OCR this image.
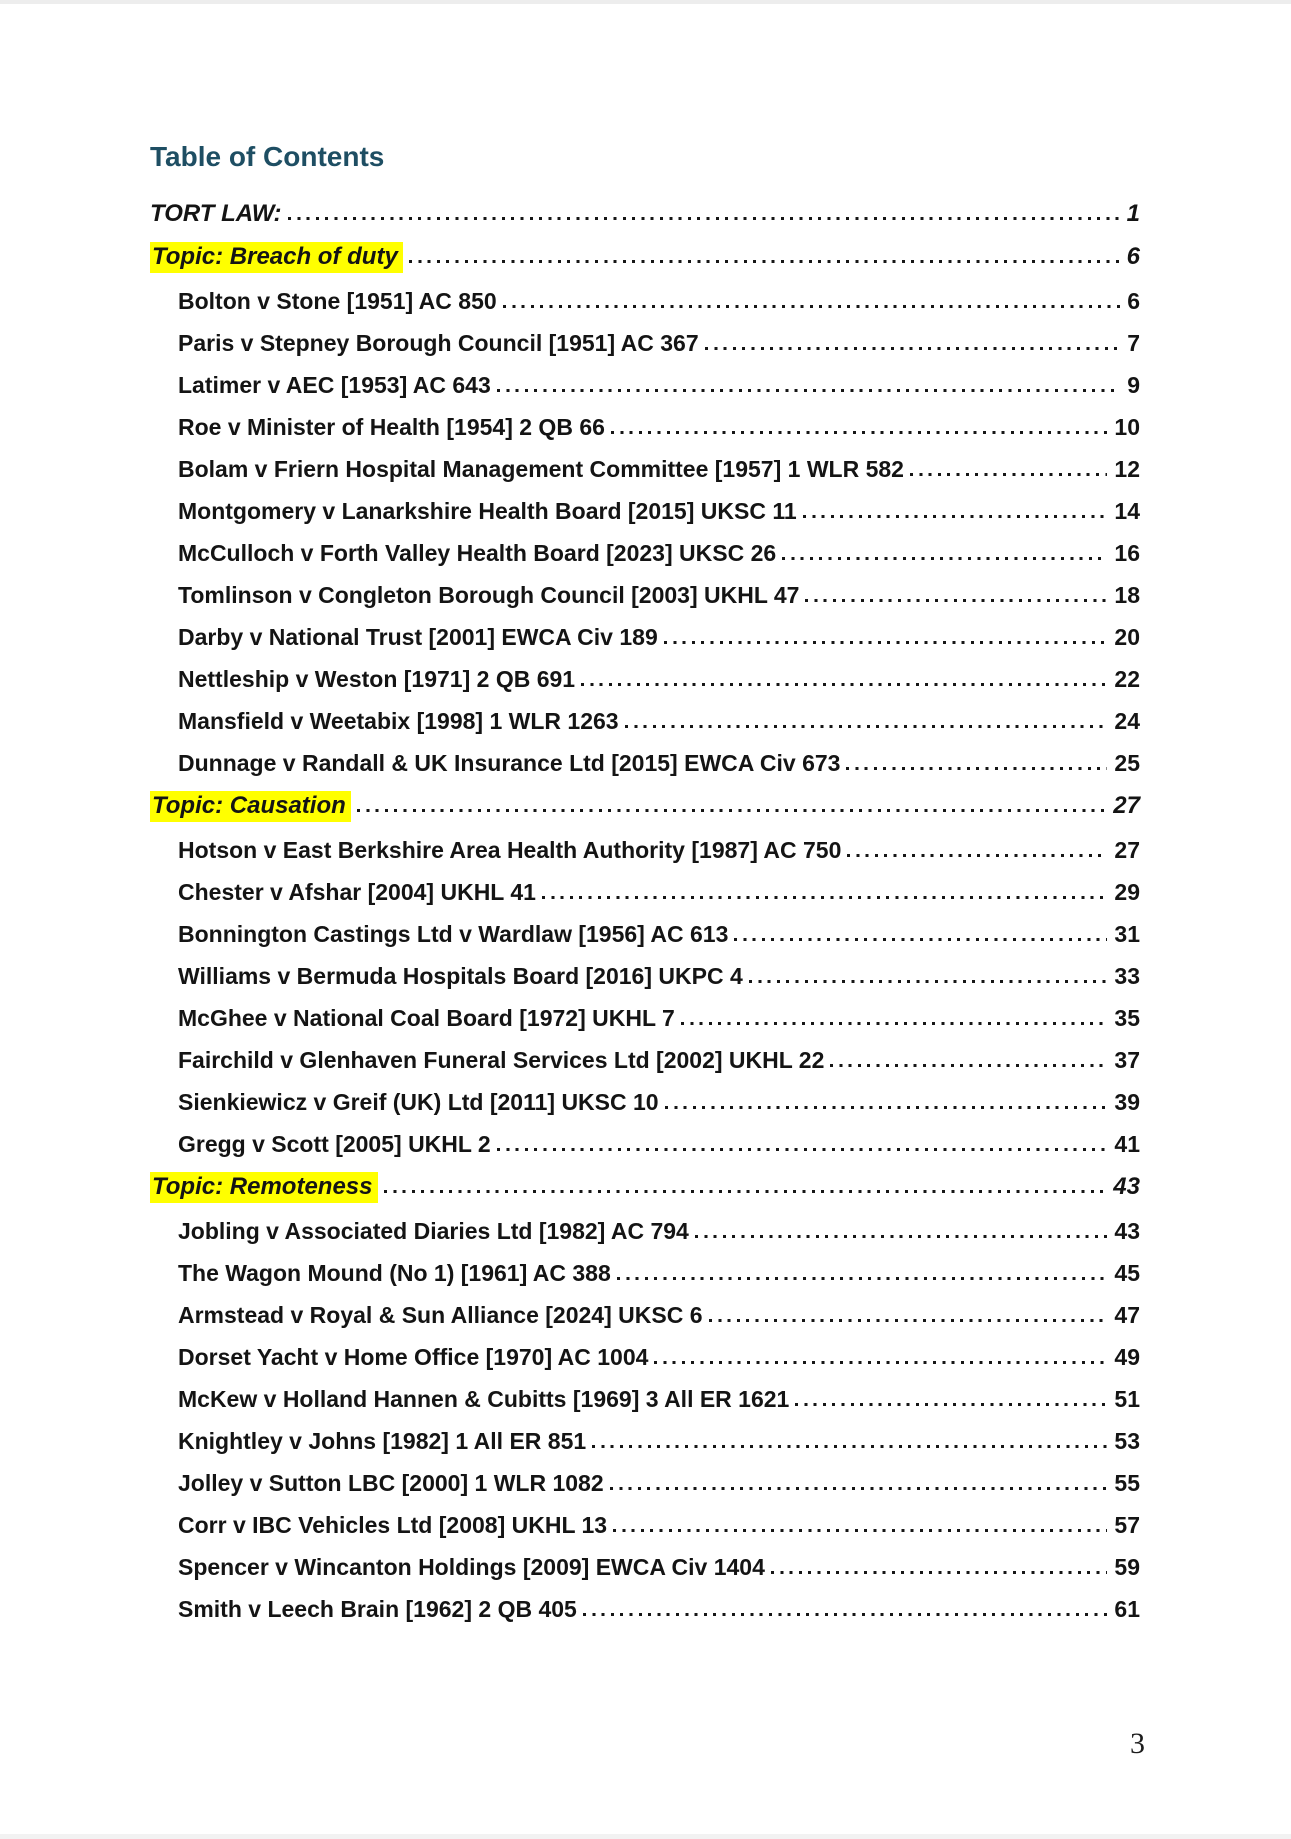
Table of Contents
TORT LAW:	1
Topic: Breach of duty	6
Bolton v Stone [1951] AC 850	6
Paris v Stepney Borough Council [1951] AC 367	7
Latimer v AEC [1953] AC 643	9
Roe v Minister of Health [1954] 2 QB 66	10
Bolam v Friern Hospital Management Committee [1957] 1 WLR 582	12
Montgomery v Lanarkshire Health Board [2015] UKSC 11	14
McCulloch v Forth Valley Health Board [2023] UKSC 26	16
Tomlinson v Congleton Borough Council [2003] UKHL 47	18
Darby v National Trust [2001] EWCA Civ 189	20
Nettleship v Weston [1971] 2 QB 691	22
Mansfield v Weetabix [1998] 1 WLR 1263	24
Dunnage v Randall & UK Insurance Ltd [2015] EWCA Civ 673	25
Topic: Causation	27
Hotson v East Berkshire Area Health Authority [1987] AC 750	27
Chester v Afshar [2004] UKHL 41	29
Bonnington Castings Ltd v Wardlaw [1956] AC 613	31
Williams v Bermuda Hospitals Board [2016] UKPC 4	33
McGhee v National Coal Board [1972] UKHL 7	35
Fairchild v Glenhaven Funeral Services Ltd [2002] UKHL 22	37
Sienkiewicz v Greif (UK) Ltd [2011] UKSC 10	39
Gregg v Scott [2005] UKHL 2	41
Topic: Remoteness	43
Jobling v Associated Diaries Ltd [1982] AC 794	43
The Wagon Mound (No 1) [1961] AC 388	45
Armstead v Royal & Sun Alliance [2024] UKSC 6	47
Dorset Yacht v Home Office [1970] AC 1004	49
McKew v Holland Hannen & Cubitts [1969] 3 All ER 1621	51
Knightley v Johns [1982] 1 All ER 851	53
Jolley v Sutton LBC [2000] 1 WLR 1082	55
Corr v IBC Vehicles Ltd [2008] UKHL 13	57
Spencer v Wincanton Holdings [2009] EWCA Civ 1404	59
Smith v Leech Brain [1962] 2 QB 405	61
3
